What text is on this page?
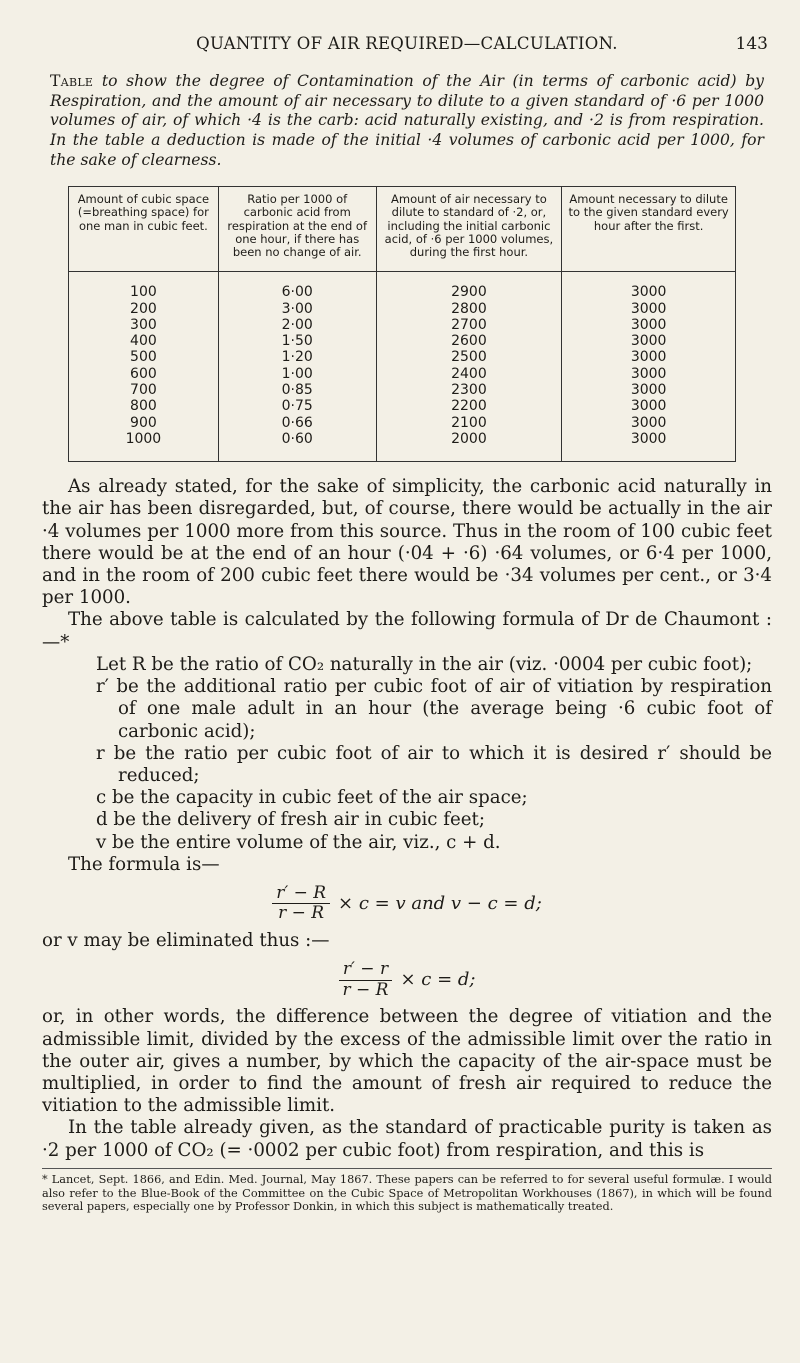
QUANTITY OF AIR REQUIRED—CALCULATION.	143
Table to show the degree of Contamination of the Air (in terms of carbonic acid) by Respiration, and the amount of air necessary to dilute to a given standard of ·6 per 1000 volumes of air, of which ·4 is the carb: acid naturally existing, and ·2 is from respiration. In the table a deduction is made of the initial ·4 volumes of carbonic acid per 1000, for the sake of clearness.
Amount of cubic space (=breathing space) for one man in cubic feet.	Ratio per 1000 of carbonic acid from respiration at the end of one hour, if there has been no change of air.	Amount of air necessary to dilute to standard of ·2, or, including the initial carbonic acid, of ·6 per 1000 volumes, during the first hour.	Amount necessary to dilute to the given standard every hour after the first.
100	6·00	2900	3000
200	3·00	2800	3000
300	2·00	2700	3000
400	1·50	2600	3000
500	1·20	2500	3000
600	1·00	2400	3000
700	0·85	2300	3000
800	0·75	2200	3000
900	0·66	2100	3000
1000	0·60	2000	3000

As already stated, for the sake of simplicity, the carbonic acid naturally in the air has been disregarded, but, of course, there would be actually in the air ·4 volumes per 1000 more from this source. Thus in the room of 100 cubic feet there would be at the end of an hour (·04 + ·6) ·64 volumes, or 6·4 per 1000, and in the room of 200 cubic feet there would be ·34 volumes per cent., or 3·4 per 1000.

The above table is calculated by the following formula of Dr de Chaumont :—*

Let R be the ratio of CO₂ naturally in the air (viz. ·0004 per cubic foot);

r′ be the additional ratio per cubic foot of air of vitiation by respiration of one male adult in an hour (the average being ·6 cubic foot of carbonic acid);

r be the ratio per cubic foot of air to which it is desired r′ should be reduced;

c be the capacity in cubic feet of the air space;

d be the delivery of fresh air in cubic feet;

v be the entire volume of the air, viz., c + d.

The formula is—

$\frac{r' - R}{r - R} \times c = v$ and v − c = d;

or v may be eliminated thus :—

$\frac{r' - r}{r - R} \times c = d$;

or, in other words, the difference between the degree of vitiation and the admissible limit, divided by the excess of the admissible limit over the ratio in the outer air, gives a number, by which the capacity of the air-space must be multiplied, in order to find the amount of fresh air required to reduce the vitiation to the admissible limit.

In the table already given, as the standard of practicable purity is taken as ·2 per 1000 of CO₂ (= ·0002 per cubic foot) from respiration, and this is

* Lancet, Sept. 1866, and Edin. Med. Journal, May 1867. These papers can be referred to for several useful formulæ. I would also refer to the Blue-Book of the Committee on the Cubic Space of Metropolitan Workhouses (1867), in which will be found several papers, especially one by Professor Donkin, in which this subject is mathematically treated.
